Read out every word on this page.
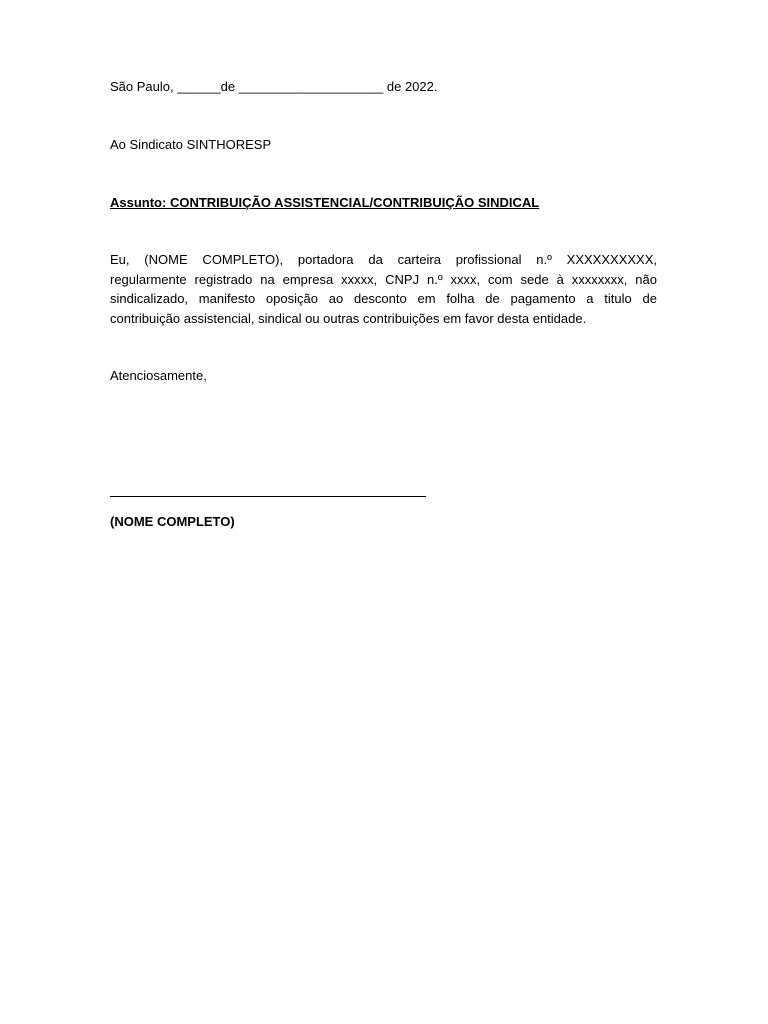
São Paulo, ______de ____________________ de 2022.
Ao Sindicato SINTHORESP
Assunto: CONTRIBUIÇÃO ASSISTENCIAL/CONTRIBUIÇÃO SINDICAL
Eu, (NOME COMPLETO), portadora da carteira profissional n.º XXXXXXXXXX,
regularmente registrado na empresa xxxxx, CNPJ n.º xxxx, com sede à xxxxxxxx, não
sindicalizado, manifesto oposição ao desconto em folha de pagamento a titulo de
contribuição assistencial, sindical ou outras contribuições em favor desta entidade.
Atenciosamente,
(NOME COMPLETO)
